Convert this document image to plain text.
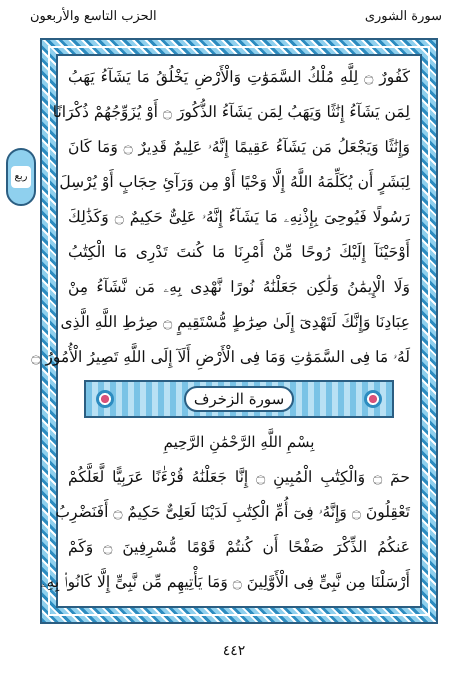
سورة الشورى
الحزب التاسع والأربعون
ربع
كَفُورٌ ۝ لِلَّهِ مُلْكُ السَّمَوَٰتِ وَالْأَرْضِ يَخْلُقُ مَا يَشَآءُ يَهَبُ
لِمَن يَشَآءُ إِنَٰثًا وَيَهَبُ لِمَن يَشَآءُ الذُّكُورَ ۝ أَوْ يُزَوِّجُهُمْ ذُكْرَانًا
وَإِنَٰثًا وَيَجْعَلُ مَن يَشَآءُ عَقِيمًا إِنَّهُۥ عَلِيمٌ قَدِيرٌ ۝ وَمَا كَانَ
لِبَشَرٍ أَن يُكَلِّمَهُ اللَّهُ إِلَّا وَحْيًا أَوْ مِن وَرَآئِ حِجَابٍ أَوْ يُرْسِلَ
رَسُولًا فَيُوحِىَ بِإِذْنِهِۦ مَا يَشَآءُ إِنَّهُۥ عَلِىٌّ حَكِيمٌ ۝ وَكَذَٰلِكَ
أَوْحَيْنَآ إِلَيْكَ رُوحًا مِّنْ أَمْرِنَا مَا كُنتَ تَدْرِى مَا الْكِتَٰبُ
وَلَا الْإِيمَٰنُ وَلَٰكِن جَعَلْنَٰهُ نُورًا نَّهْدِى بِهِۦ مَن نَّشَآءُ مِنْ
عِبَادِنَا وَإِنَّكَ لَتَهْدِىٓ إِلَىٰ صِرَٰطٍ مُّسْتَقِيمٍ ۝ صِرَٰطِ اللَّهِ الَّذِى
لَهُۥ مَا فِى السَّمَوَٰتِ وَمَا فِى الْأَرْضِ أَلَآ إِلَى اللَّهِ تَصِيرُ الْأُمُورُ ۝
سورة الزخرف
بِسْمِ اللَّهِ الرَّحْمَٰنِ الرَّحِيمِ
حمٓ ۝ وَالْكِتَٰبِ الْمُبِينِ ۝ إِنَّا جَعَلْنَٰهُ قُرْءَٰنًا عَرَبِيًّا لَّعَلَّكُمْ
تَعْقِلُونَ ۝ وَإِنَّهُۥ فِىٓ أُمِّ الْكِتَٰبِ لَدَيْنَا لَعَلِىٌّ حَكِيمٌ ۝ أَفَنَضْرِبُ
عَنكُمُ الذِّكْرَ صَفْحًا أَن كُنتُمْ قَوْمًا مُّسْرِفِينَ ۝ وَكَمْ
أَرْسَلْنَا مِن نَّبِىٍّ فِى الْأَوَّلِينَ ۝ وَمَا يَأْتِيهِم مِّن نَّبِىٍّ إِلَّا كَانُوا۟ بِهِۦ
٤٤٢
